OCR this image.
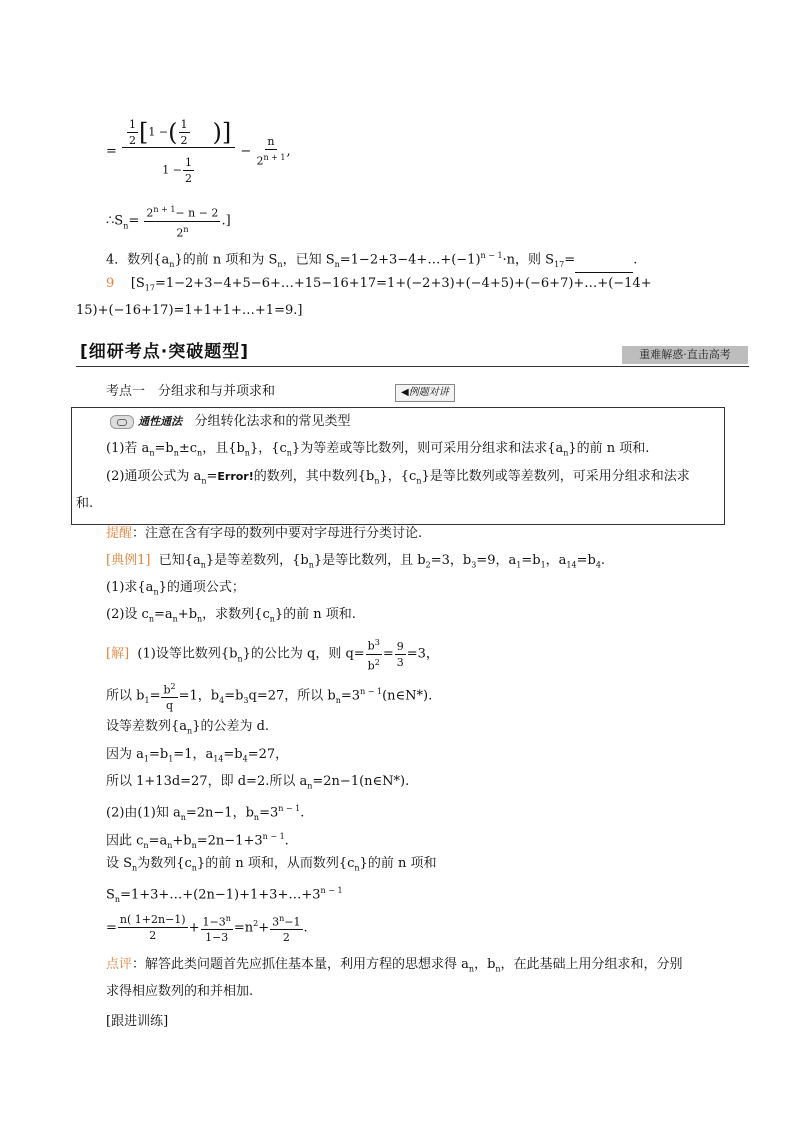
= $\frac{\frac{1}{2} [1 -( \frac{1}{2} )]}{1 - \frac{1}{2}} - \frac{n}{2^{n + 1}}$ ,
$\therefore S_n= \frac{2^{n + 1}- n - 2}{2^n}$ .]
4．数列$\{a_n\}$的前 n 项和为 $S_n$，已知 $S_n=1-2+3-4+\dots+(-1)^{n - 1}\cdot n$，则 $S_{17}=$	.
9 [$S_{17}=1-2+3-4+5-6+\dots+15-16+17=1+(-2+3)+(-4+5)+(-6+7)+\dots+(-14+$
15)+(−16+17)=1+1+1+…+1=9.]
[细研考点·突破题型]	重难解惑·直击高考
考点一　分组求和与并项求和	◀例题对讲
通性通法 分组转化法求和的常见类型
(1)若 $a_n=b_n\pm c_n$，且$\{b_n\}$，$\{c_n\}$为等差或等比数列，则可采用分组求和法求$\{a_n\}$的前 n 项和.
(2)通项公式为 $a_n=Error$!的数列，其中数列$\{b_n\}$，$\{c_n\}$是等比数列或等差数列，可采用分组求和法求
和.
提醒：注意在含有字母的数列中要对字母进行分类讨论.
[典例1] 已知$\{a_n\}$是等差数列，$\{b_n\}$是等比数列，且 $b_2=3$，$b_3=9$，$a_1=b_1$，$a_{14}=b_4$.
(1)求$\{a_n\}$的通项公式；
(2)设 $c_n=a_n+b_n$，求数列$\{c_n\}$的前 n 项和.
[解] (1)设等比数列$\{b_n\}$的公比为 q，则 $q= \frac{b^3}{b^2} = \frac{9}{3} =3$，
所以 $b_1= \frac{b^2}{q} =1$，$b_4=b_3q=27$，所以 $b_n=3^{n - 1}(n\in N*)$.
设等差数列$\{a_n\}$的公差为 d.
因为 $a_1=b_1=1$，$a_{14}=b_4=27$，
所以 1+13d=27，即 d=2.所以 $a_n=2n-1(n\in N*)$.
(2)由(1)知 $a_n=2n-1$，$b_n=3^{n - 1}$.
因此 $c_n=a_n+b_n=2n-1+3^{n - 1}$.
设 $S_n$为数列$\{c_n\}$的前 n 项和，从而数列$\{c_n\}$的前 n 项和
$S_n=1+3+\dots+(2n-1)+1+3+\dots+3^{n - 1}$
= $\frac{n( 1+2n-1)}{2} + \frac{1-3^n}{1-3} =n^2+ \frac{3^n-1}{2}$ .
点评：解答此类问题首先应抓住基本量，利用方程的思想求得 $a_n$，$b_n$，在此基础上用分组求和，分别
求得相应数列的和并相加.
[跟进训练]
